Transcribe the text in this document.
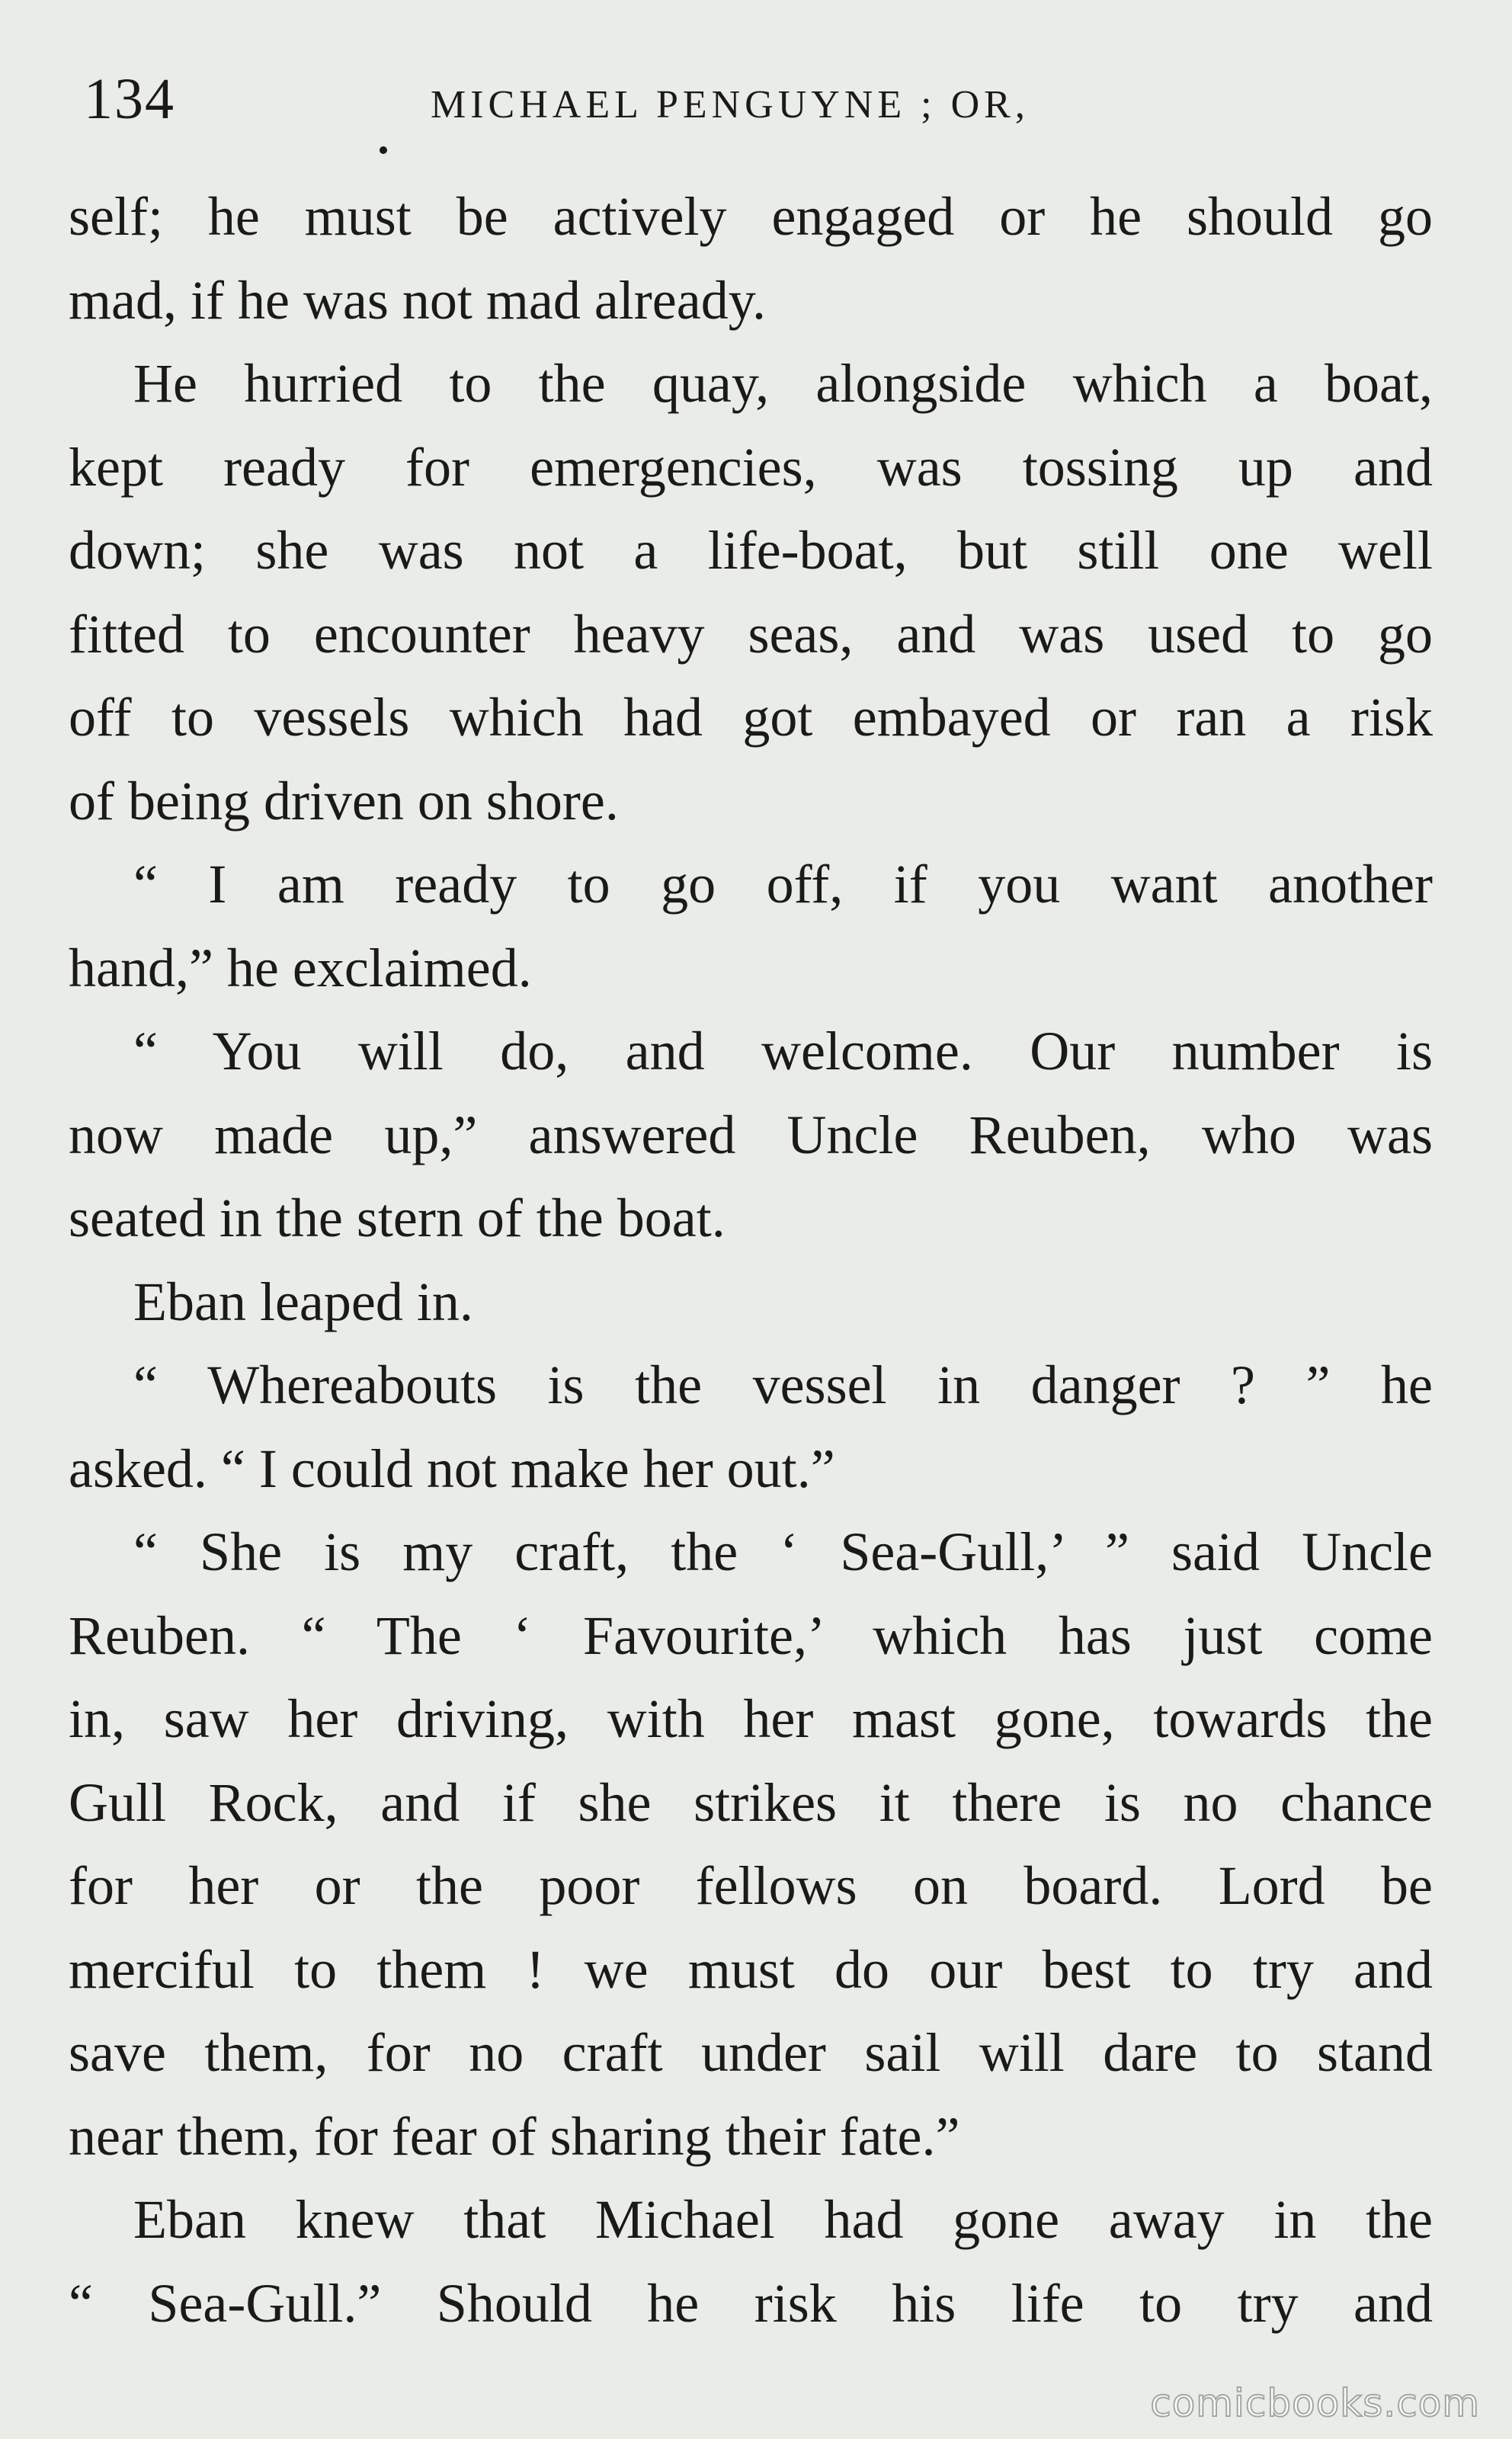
134	MICHAEL PENGUYNE ; OR,
self; he must be actively engaged or he should go
mad, if he was not mad already.
He hurried to the quay, alongside which a boat,
kept ready for emergencies, was tossing up and
down; she was not a life-boat, but still one well
fitted to encounter heavy seas, and was used to go
off to vessels which had got embayed or ran a risk
of being driven on shore.
“ I am ready to go off, if you want another
hand,” he exclaimed.
“ You will do, and welcome. Our number is
now made up,” answered Uncle Reuben, who was
seated in the stern of the boat.
Eban leaped in.
“ Whereabouts is the vessel in danger ? ” he
asked. “ I could not make her out.”
“ She is my craft, the ‘ Sea-Gull,’ ” said Uncle
Reuben. “ The ‘ Favourite,’ which has just come
in, saw her driving, with her mast gone, towards the
Gull Rock, and if she strikes it there is no chance
for her or the poor fellows on board. Lord be
merciful to them ! we must do our best to try and
save them, for no craft under sail will dare to stand
near them, for fear of sharing their fate.”
Eban knew that Michael had gone away in the
“ Sea-Gull.” Should he risk his life to try and
comicbooks.com
